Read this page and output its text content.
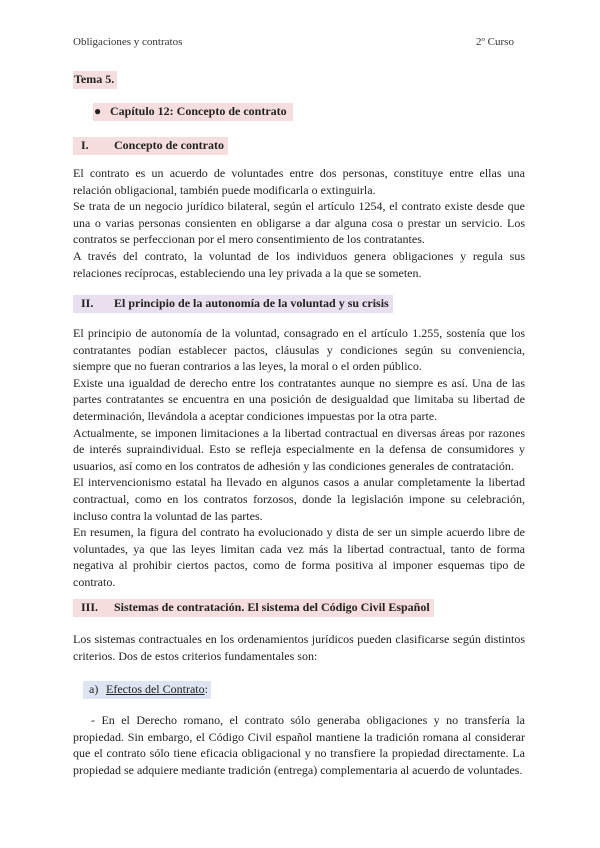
Obligaciones y contratos	2º Curso
Tema 5.
● Capítulo 12: Concepto de contrato
I. Concepto de contrato
El contrato es un acuerdo de voluntades entre dos personas, constituye entre ellas una relación obligacional, también puede modificarla o extinguirla.
Se trata de un negocio jurídico bilateral, según el artículo 1254, el contrato existe desde que una o varias personas consienten en obligarse a dar alguna cosa o prestar un servicio. Los contratos se perfeccionan por el mero consentimiento de los contratantes.
A través del contrato, la voluntad de los individuos genera obligaciones y regula sus relaciones recíprocas, estableciendo una ley privada a la que se someten.
II. El principio de la autonomía de la voluntad y su crisis
El principio de autonomía de la voluntad, consagrado en el artículo 1.255, sostenía que los contratantes podían establecer pactos, cláusulas y condiciones según su conveniencia, siempre que no fueran contrarios a las leyes, la moral o el orden público.
Existe una igualdad de derecho entre los contratantes aunque no siempre es así. Una de las partes contratantes se encuentra en una posición de desigualdad que limitaba su libertad de determinación, llevándola a aceptar condiciones impuestas por la otra parte.
Actualmente, se imponen limitaciones a la libertad contractual en diversas áreas por razones de interés supraindividual. Esto se refleja especialmente en la defensa de consumidores y usuarios, así como en los contratos de adhesión y las condiciones generales de contratación.
El intervencionismo estatal ha llevado en algunos casos a anular completamente la libertad contractual, como en los contratos forzosos, donde la legislación impone su celebración, incluso contra la voluntad de las partes.
En resumen, la figura del contrato ha evolucionado y dista de ser un simple acuerdo libre de voluntades, ya que las leyes limitan cada vez más la libertad contractual, tanto de forma negativa al prohibir ciertos pactos, como de forma positiva al imponer esquemas tipo de contrato.
III. Sistemas de contratación. El sistema del Código Civil Español
Los sistemas contractuales en los ordenamientos jurídicos pueden clasificarse según distintos criterios. Dos de estos criterios fundamentales son:
a) Efectos del Contrato:
- En el Derecho romano, el contrato sólo generaba obligaciones y no transfería la propiedad. Sin embargo, el Código Civil español mantiene la tradición romana al considerar que el contrato sólo tiene eficacia obligacional y no transfiere la propiedad directamente. La propiedad se adquiere mediante tradición (entrega) complementaria al acuerdo de voluntades.
